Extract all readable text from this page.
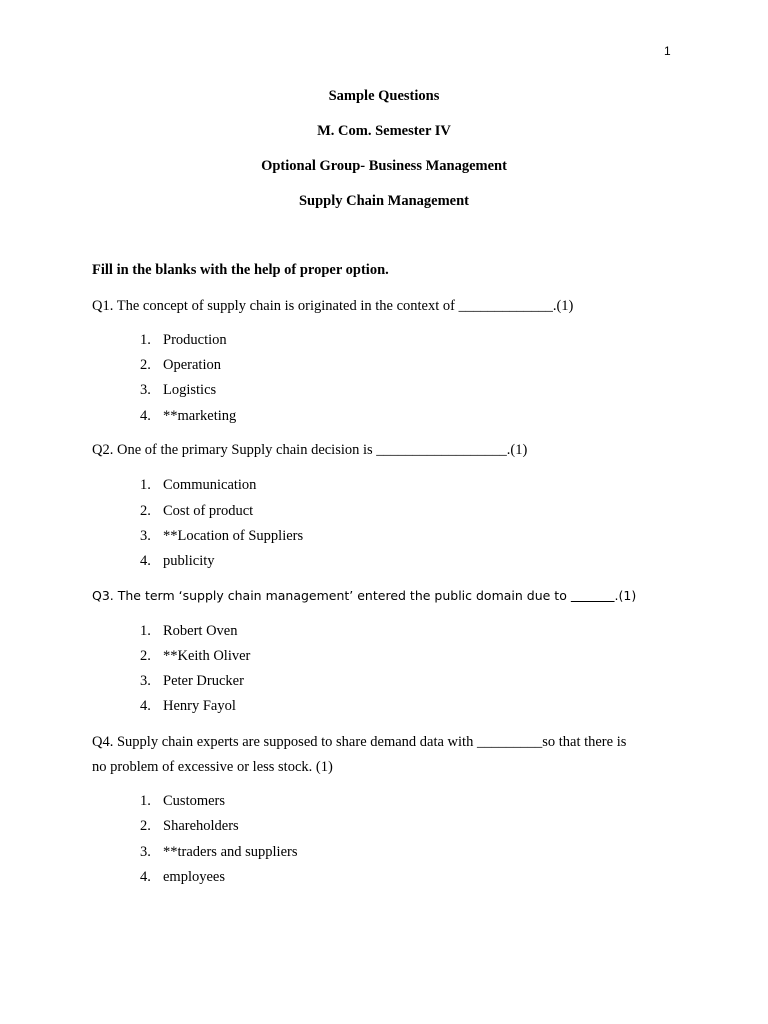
1
Sample Questions
M. Com. Semester IV
Optional Group- Business Management
Supply Chain Management
Fill in the blanks with the help of proper option.
Q1. The concept of supply chain is originated in the context of _____________.(1)
1. Production
2. Operation
3. Logistics
4. **marketing
Q2. One of the primary Supply chain decision is __________________.(1)
1. Communication
2. Cost of product
3. **Location of Suppliers
4. publicity
Q3. The term ‘supply chain management’ entered the public domain due to	.(1)
1. Robert Oven
2. **Keith Oliver
3. Peter Drucker
4. Henry Fayol
Q4. Supply chain experts are supposed to share demand data with _________so that there is
no problem of excessive or less stock. (1)
1. Customers
2. Shareholders
3. **traders and suppliers
4. employees
